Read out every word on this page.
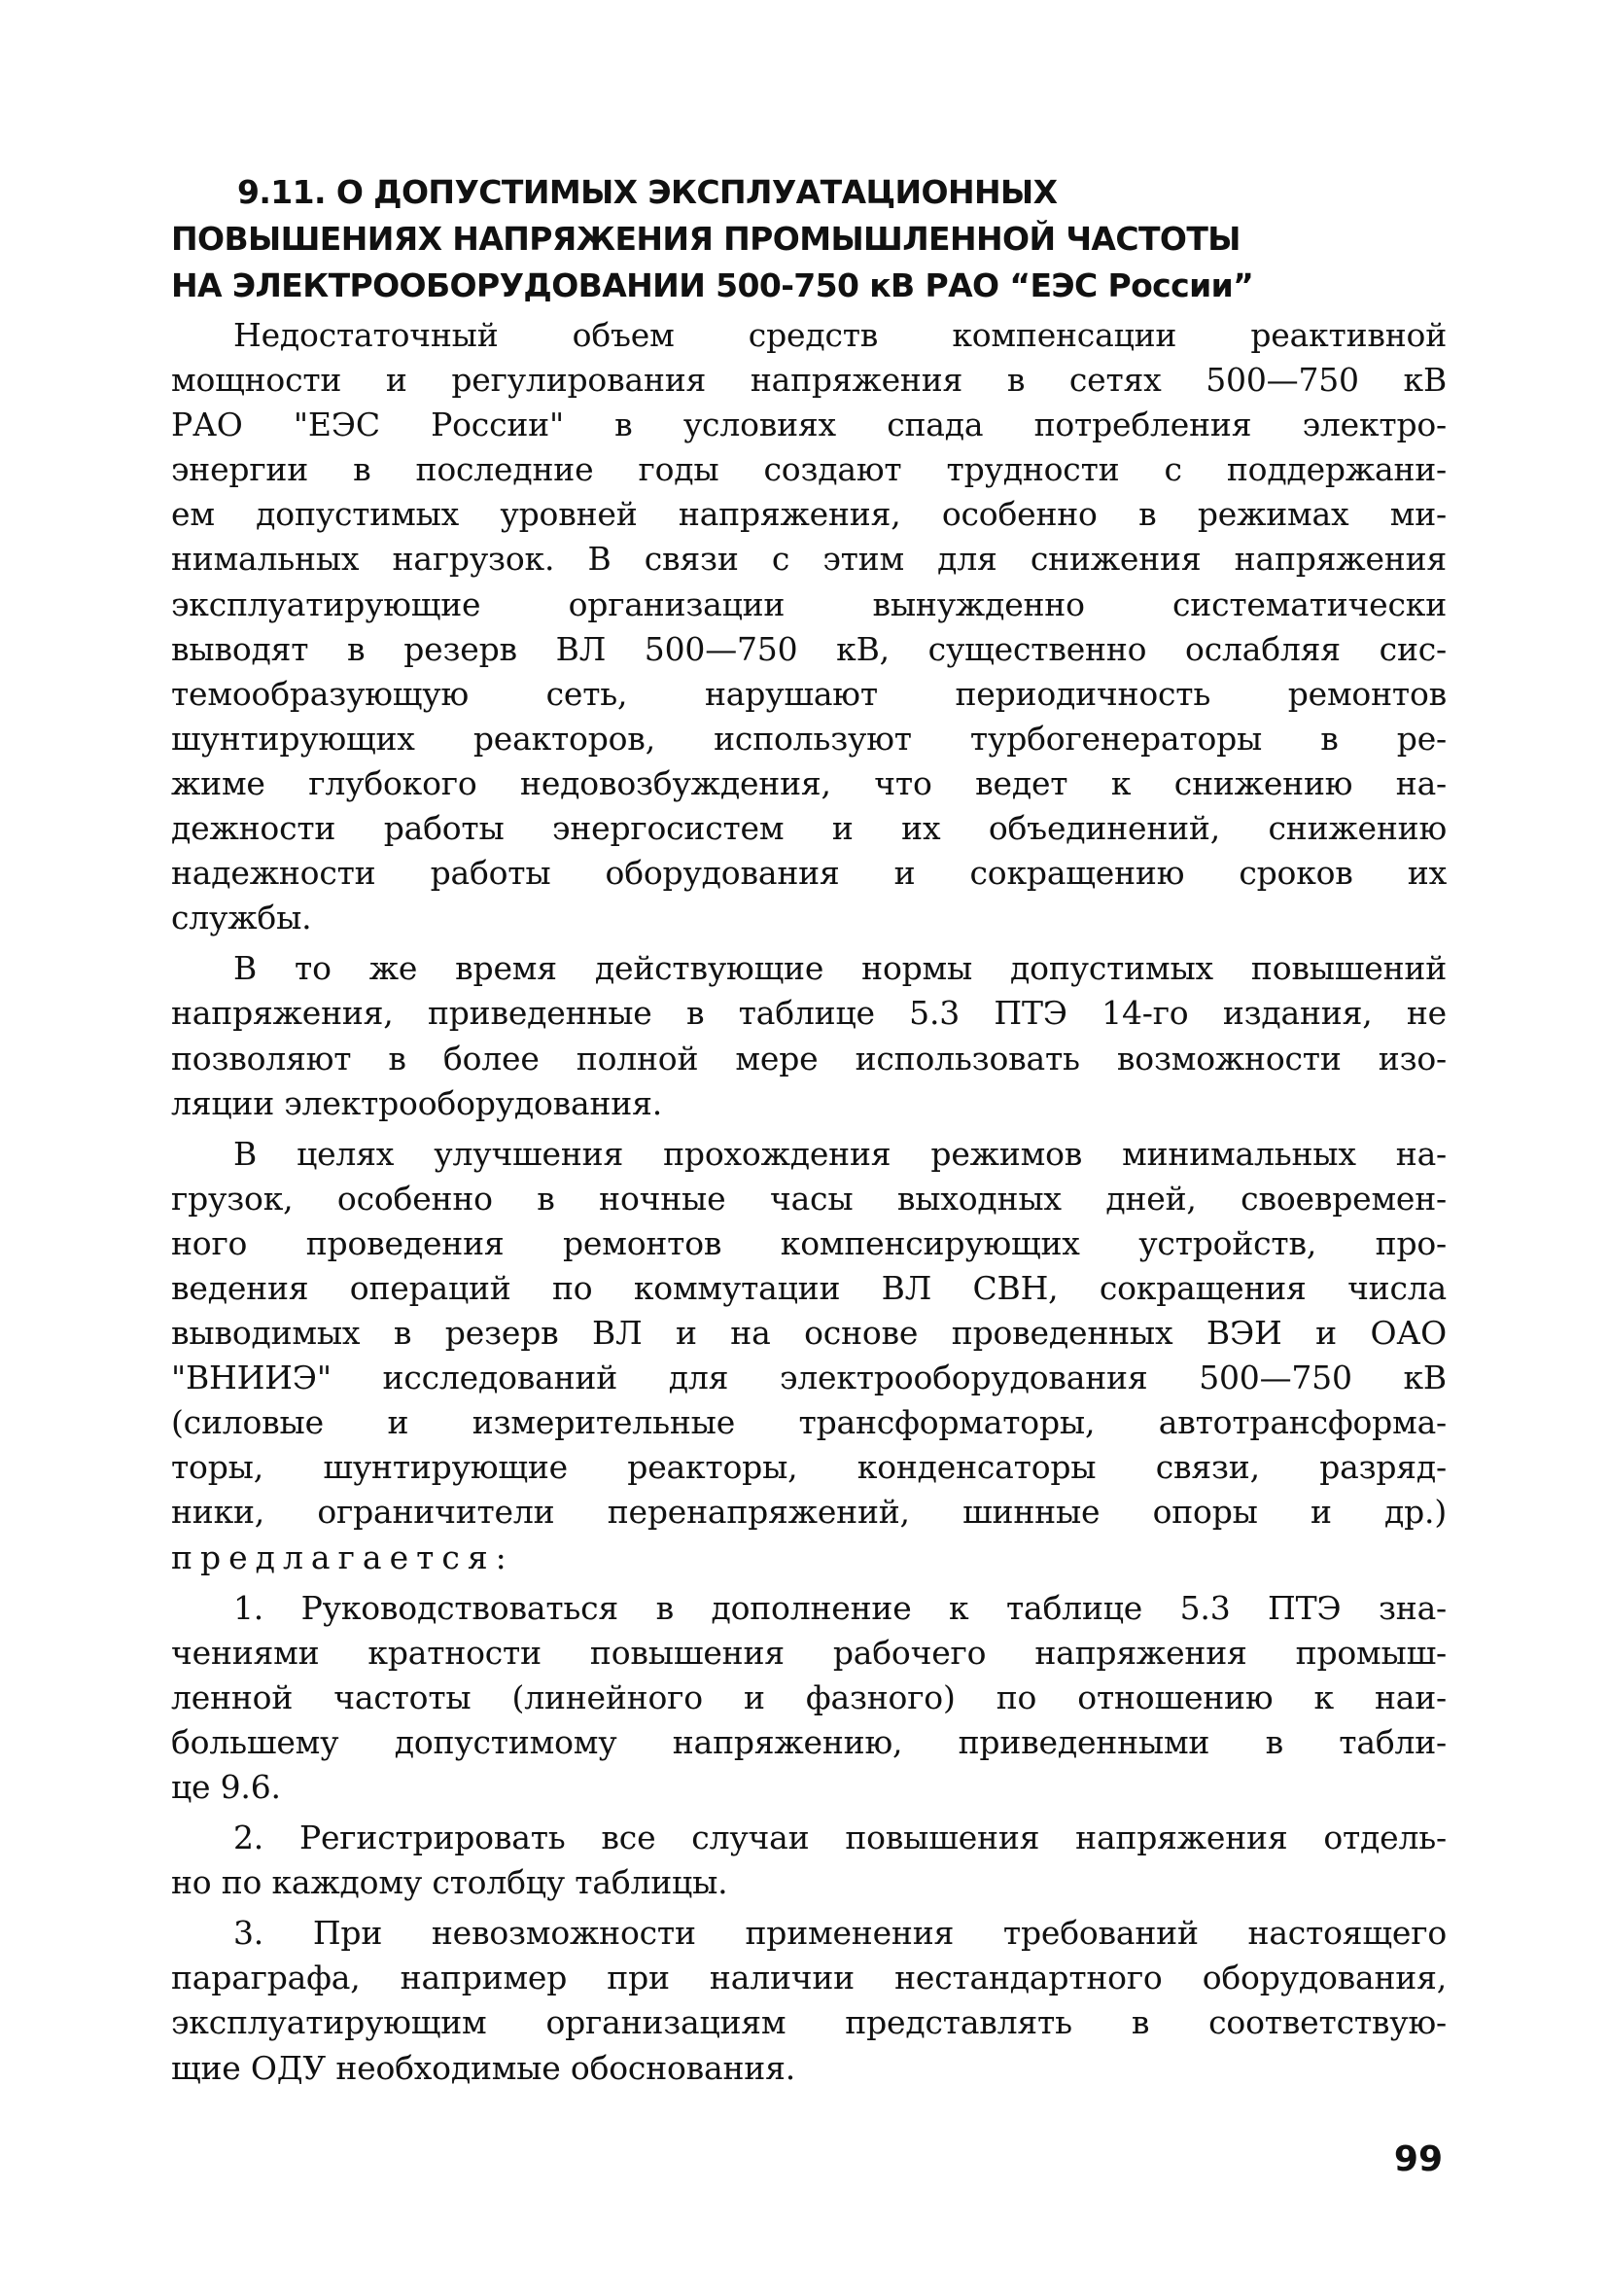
9.11. О ДОПУСТИМЫХ ЭКСПЛУАТАЦИОННЫХ
ПОВЫШЕНИЯХ НАПРЯЖЕНИЯ ПРОМЫШЛЕННОЙ ЧАСТОТЫ
НА ЭЛЕКТРООБОРУДОВАНИИ 500-750 кВ РАО “ЕЭС России”
Недостаточный объем средств компенсации реактивной
мощности и регулирования напряжения в сетях 500—750 кВ
РАО "ЕЭС России" в условиях спада потребления электро-
энергии в последние годы создают трудности с поддержани-
ем допустимых уровней напряжения, особенно в режимах ми-
нимальных нагрузок. В связи с этим для снижения напряжения
эксплуатирующие организации вынужденно систематически
выводят в резерв ВЛ 500—750 кВ, существенно ослабляя сис-
темообразующую сеть, нарушают периодичность ремонтов
шунтирующих реакторов, используют турбогенераторы в ре-
жиме глубокого недовозбуждения, что ведет к снижению на-
дежности работы энергосистем и их объединений, снижению
надежности работы оборудования и сокращению сроков их
службы.
В то же время действующие нормы допустимых повышений
напряжения, приведенные в таблице 5.3 ПТЭ 14-го издания, не
позволяют в более полной мере использовать возможности изо-
ляции электрооборудования.
В целях улучшения прохождения режимов минимальных на-
грузок, особенно в ночные часы выходных дней, своевремен-
ного проведения ремонтов компенсирующих устройств, про-
ведения операций по коммутации ВЛ СВН, сокращения числа
выводимых в резерв ВЛ и на основе проведенных ВЭИ и ОАО
"ВНИИЭ" исследований для электрооборудования 500—750 кВ
(силовые и измерительные трансформаторы, автотрансформа-
торы, шунтирующие реакторы, конденсаторы связи, разряд-
ники, ограничители перенапряжений, шинные опоры и др.)
предлагается:
1. Руководствоваться в дополнение к таблице 5.3 ПТЭ зна-
чениями кратности повышения рабочего напряжения промыш-
ленной частоты (линейного и фазного) по отношению к наи-
большему допустимому напряжению, приведенными в табли-
це 9.6.
2. Регистрировать все случаи повышения напряжения отдель-
но по каждому столбцу таблицы.
3. При невозможности применения требований настоящего
параграфа, например при наличии нестандартного оборудования,
эксплуатирующим организациям представлять в соответствую-
щие ОДУ необходимые обоснования.
99
